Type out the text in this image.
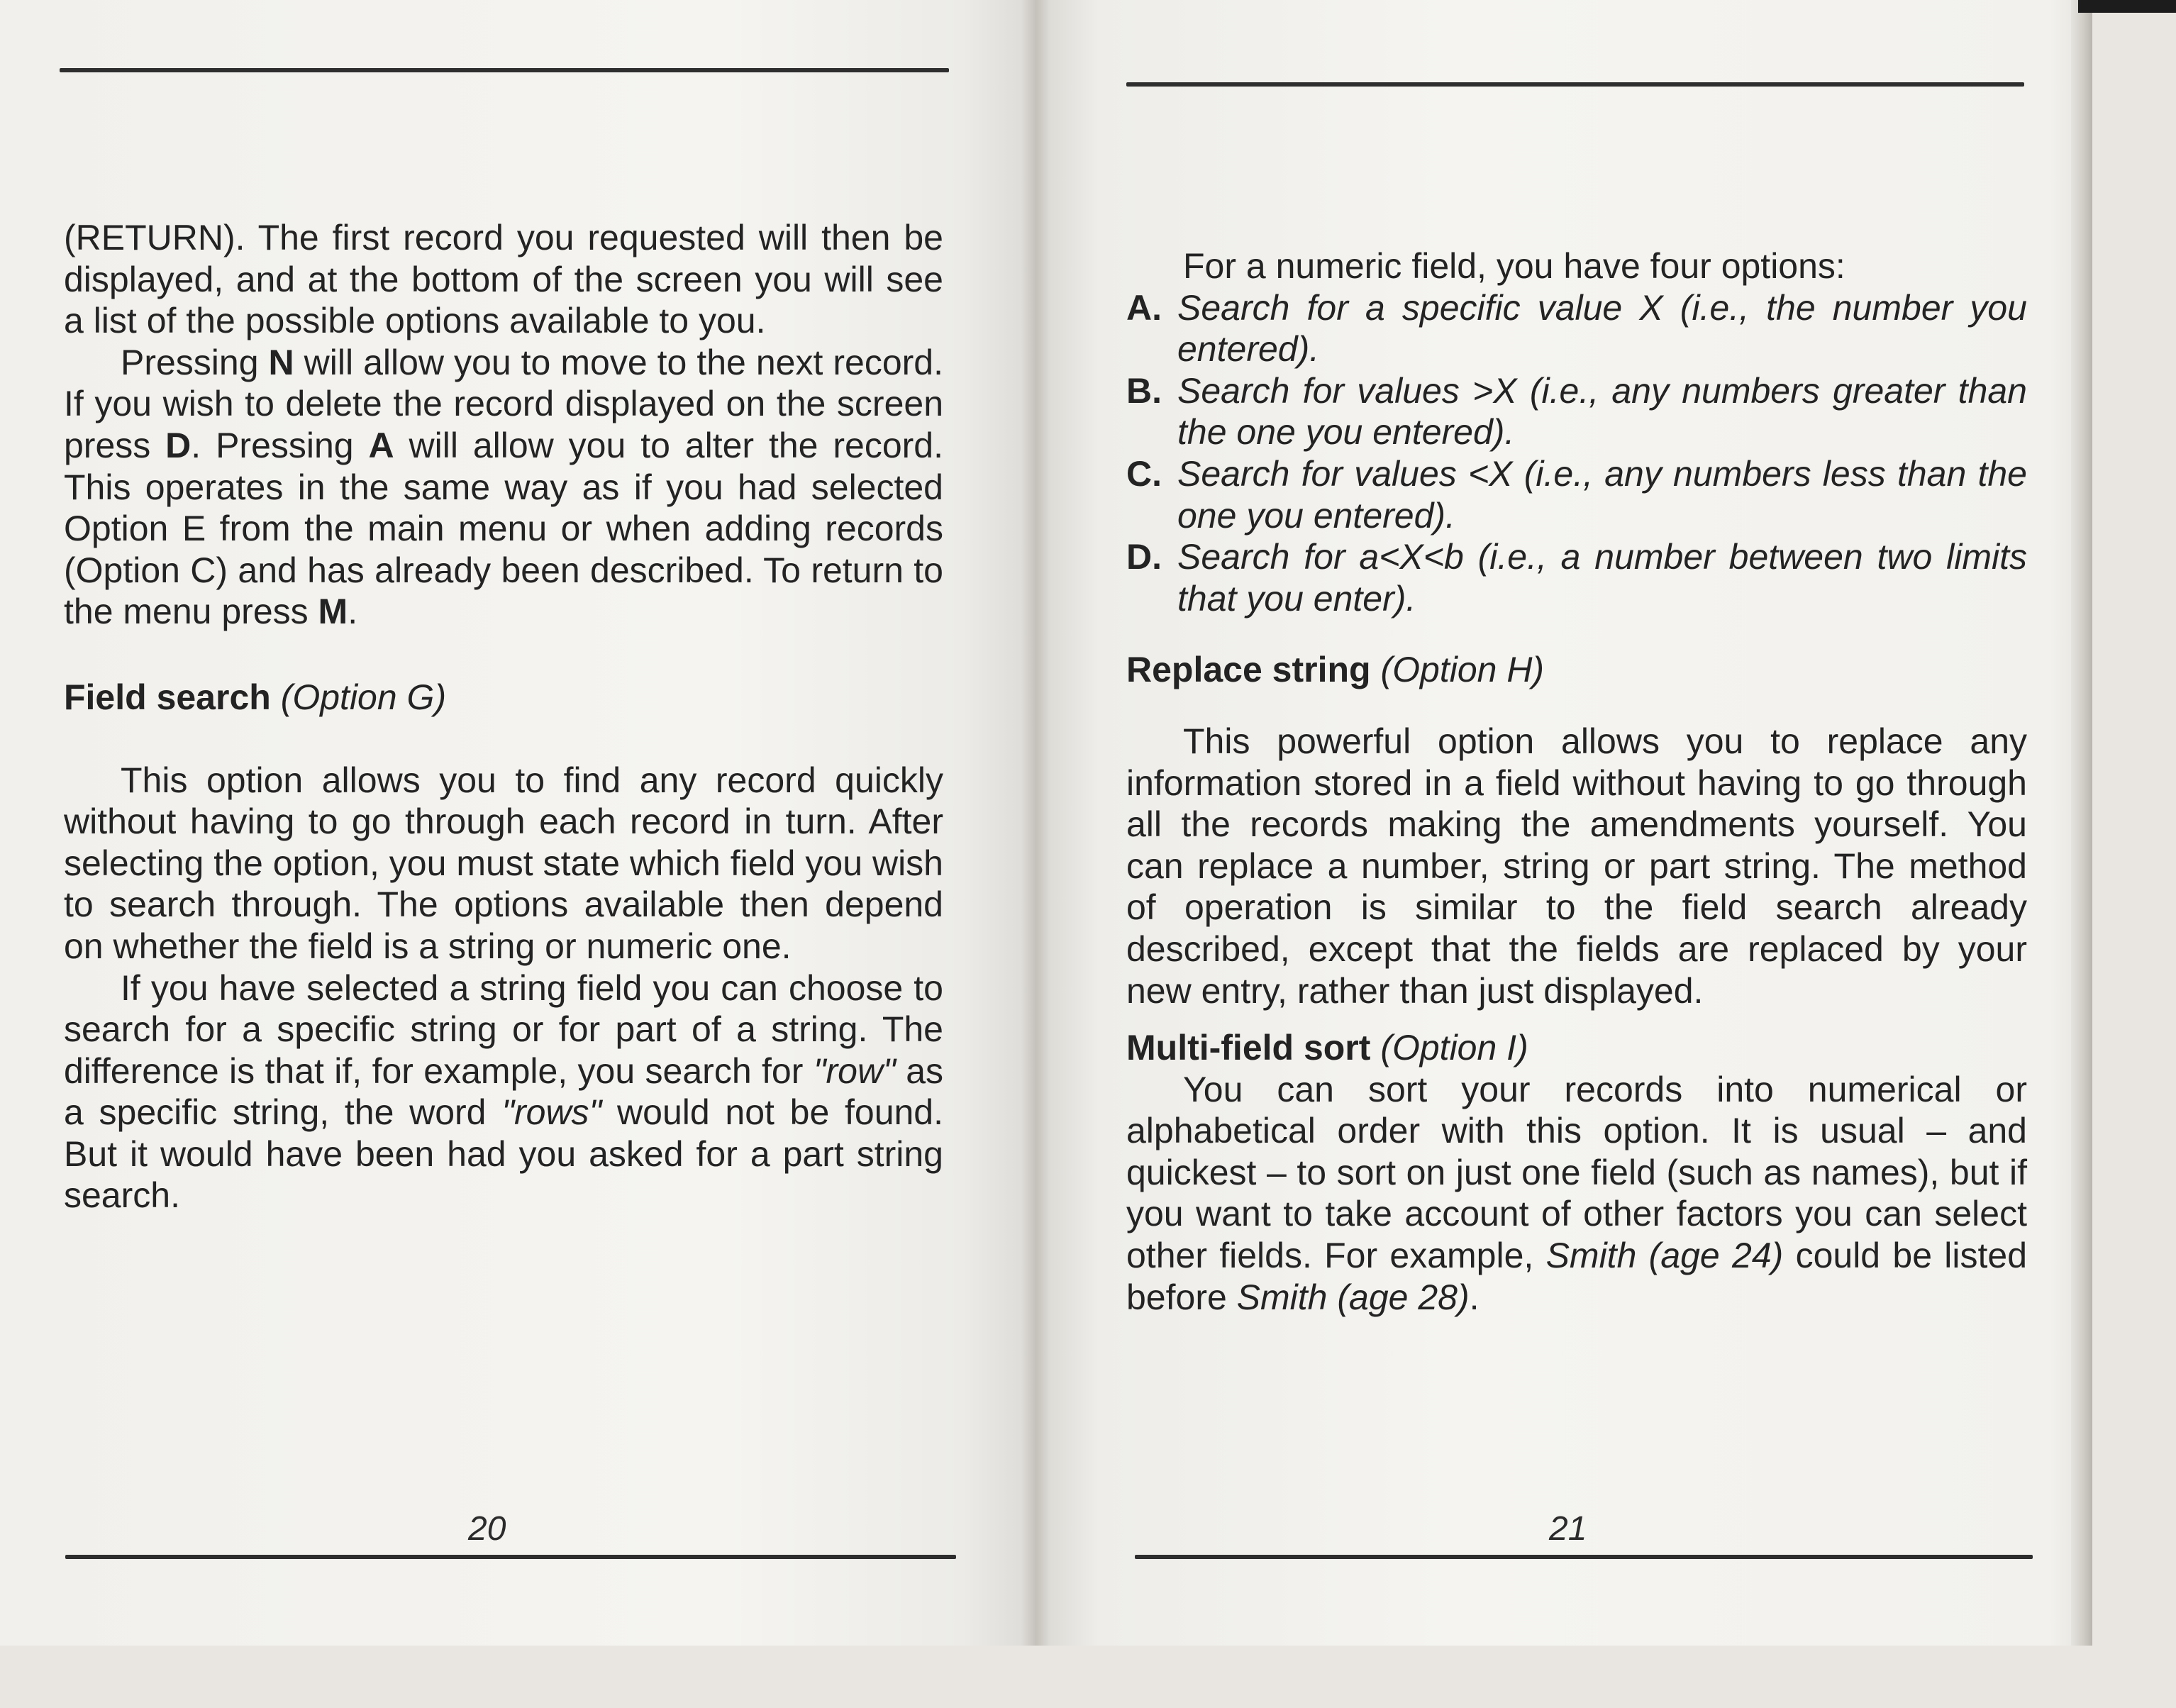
(RETURN). The first record you requested will then be displayed, and at the bottom of the screen you will see a list of the possible options available to you.

Pressing N will allow you to move to the next record. If you wish to delete the record displayed on the screen press D. Pressing A will allow you to alter the record. This operates in the same way as if you had selected Option E from the main menu or when adding records (Option C) and has already been described. To return to the menu press M.

Field search (Option G)

This option allows you to find any record quickly without having to go through each record in turn. After selecting the option, you must state which field you wish to search through. The options available then depend on whether the field is a string or numeric one.

If you have selected a string field you can choose to search for a specific string or for part of a string. The difference is that if, for example, you search for "row" as a specific string, the word "rows" would not be found. But it would have been had you asked for a part string search.

20

For a numeric field, you have four options:

A. Search for a specific value X (i.e., the number you entered).
B. Search for values >X (i.e., any numbers greater than the one you entered).
C. Search for values <X (i.e., any numbers less than the one you entered).
D. Search for a<X<b (i.e., a number between two limits that you enter).

Replace string (Option H)

This powerful option allows you to replace any information stored in a field without having to go through all the records making the amendments yourself. You can replace a number, string or part string. The method of operation is similar to the field search already described, except that the fields are replaced by your new entry, rather than just displayed.

Multi-field sort (Option I)

You can sort your records into numerical or alphabetical order with this option. It is usual – and quickest – to sort on just one field (such as names), but if you want to take account of other factors you can select other fields. For example, Smith (age 24) could be listed before Smith (age 28).

21
